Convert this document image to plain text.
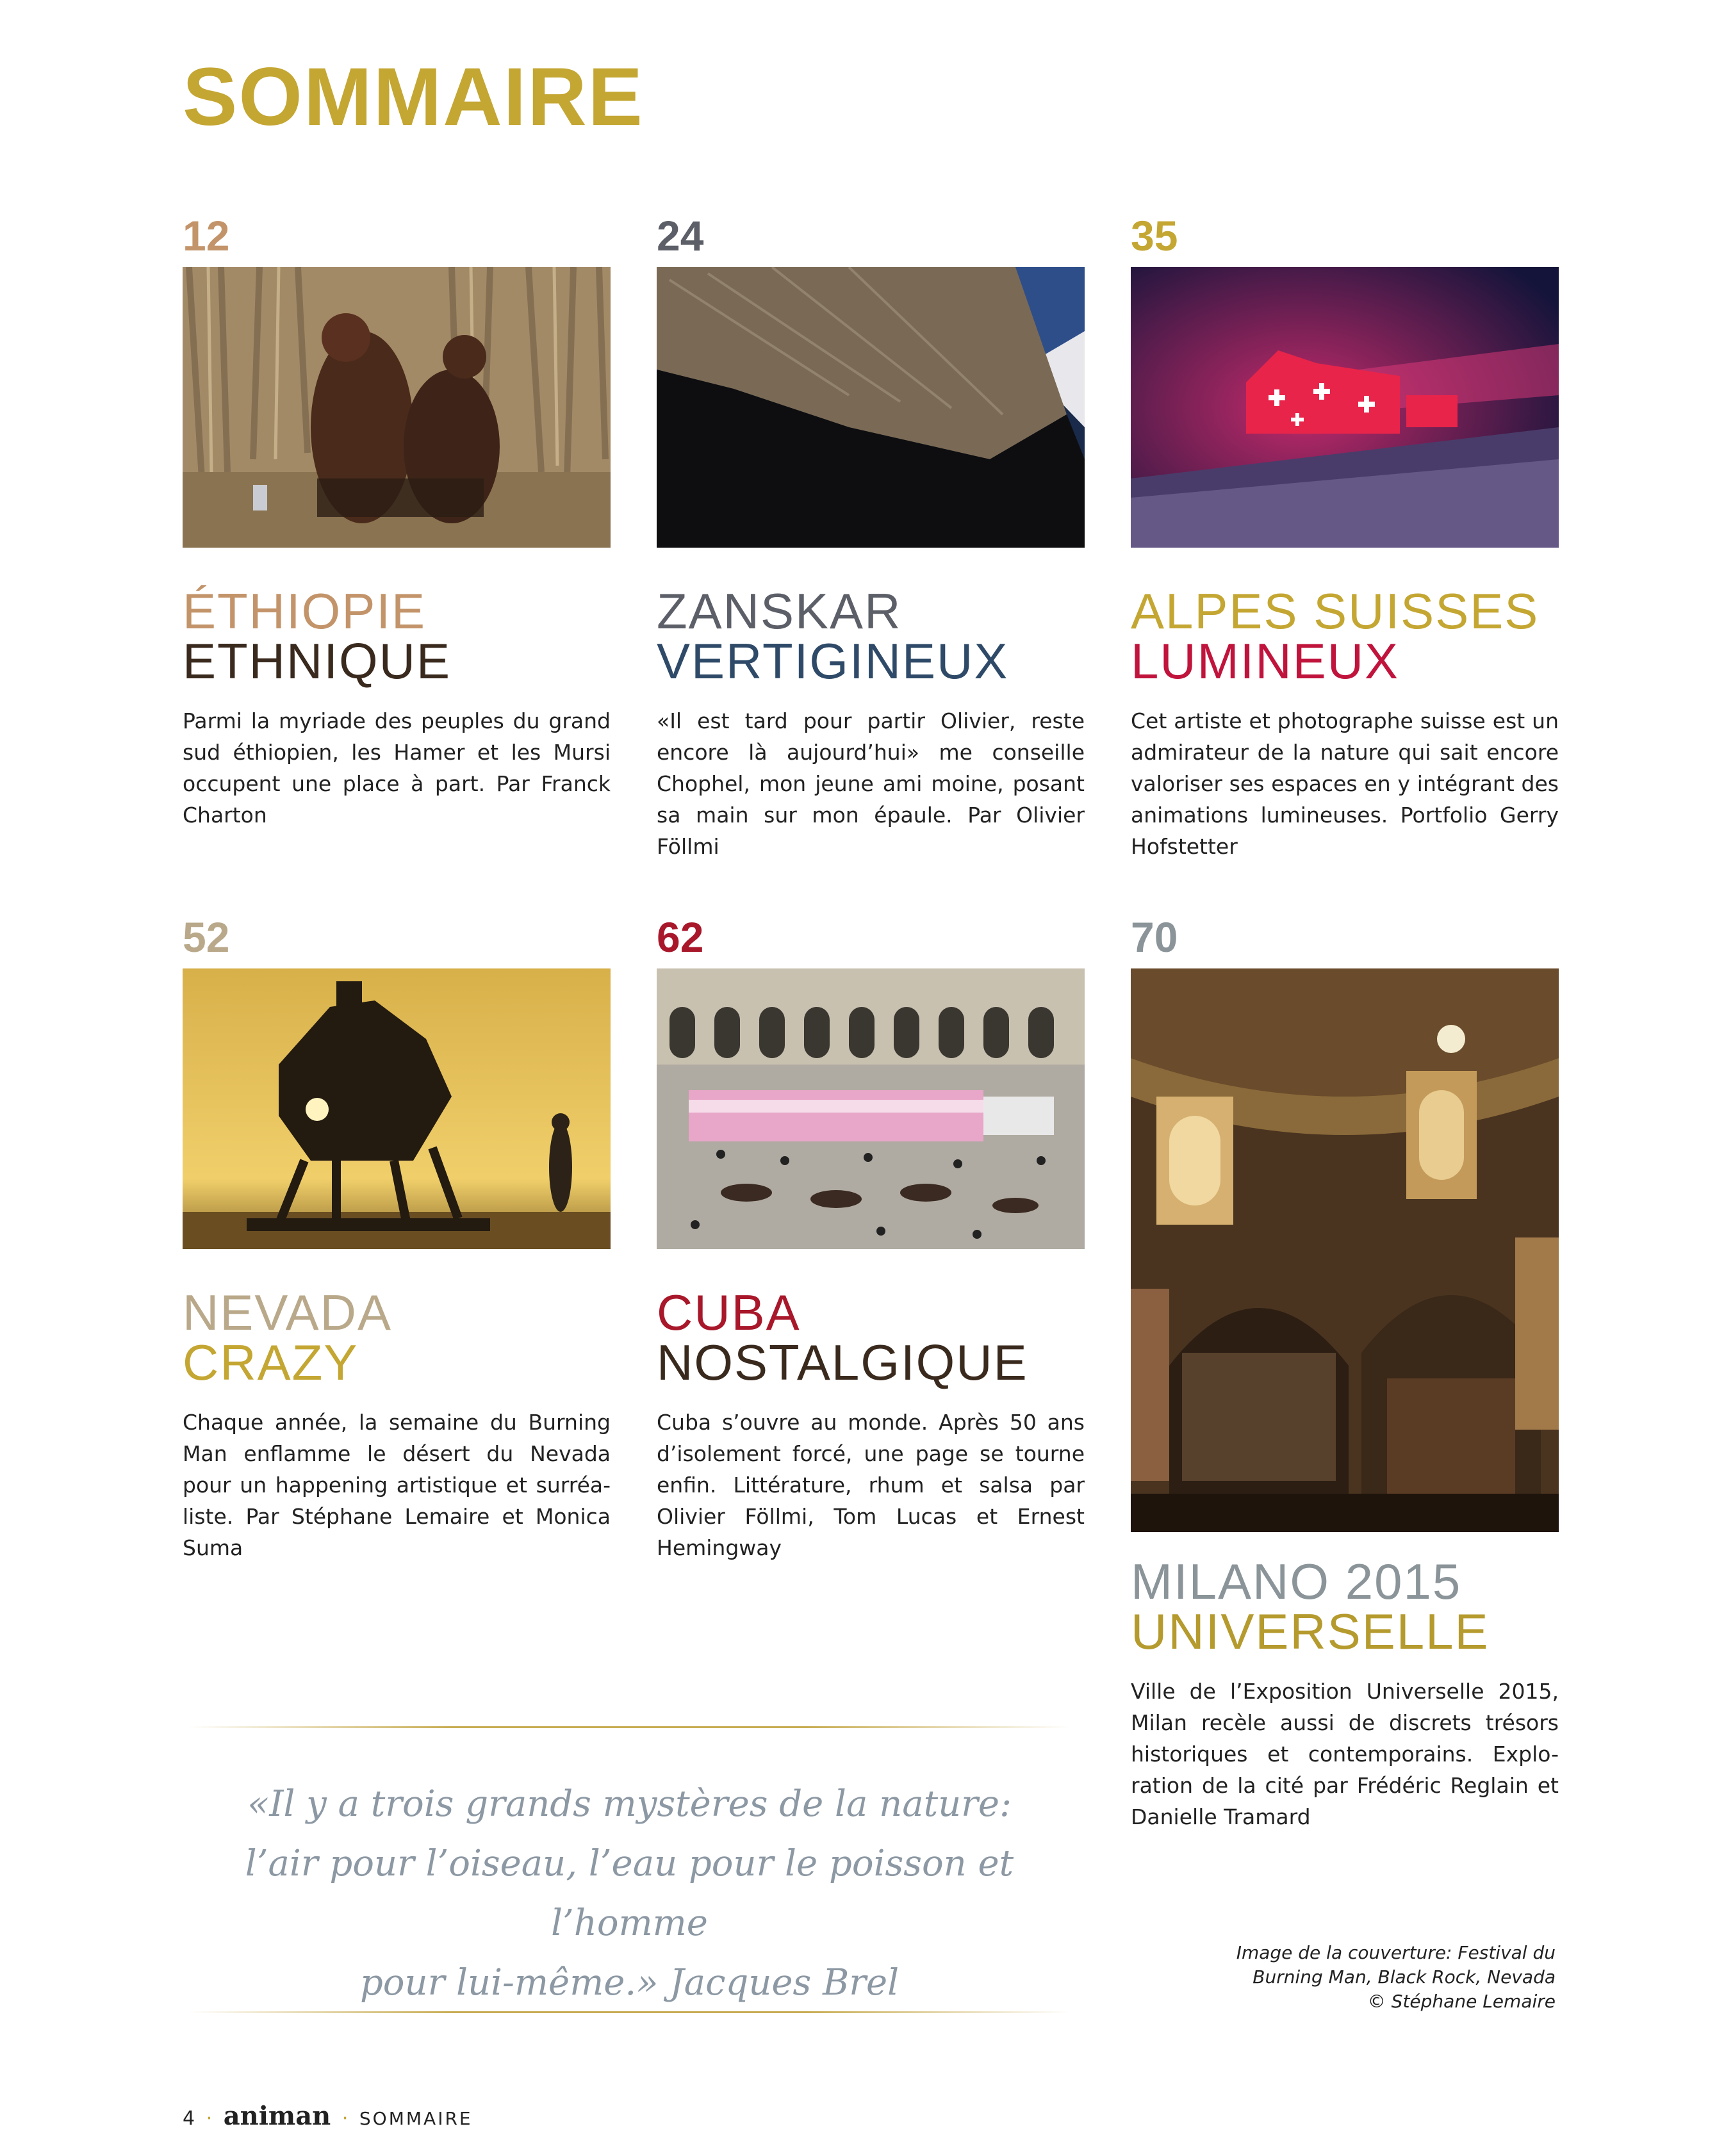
SOMMAIRE
12
ÉTHIOPIE
ETHNIQUE
Parmi la myriade des peuples du grand sud éthiopien, les Hamer et les Mursi occupent une place à part. Par Franck Charton
24
ZANSKAR
VERTIGINEUX
«Il est tard pour partir Olivier, reste encore là aujourd’hui» me conseille Chophel, mon jeune ami moine, posant sa main sur mon épaule. Par Olivier Föllmi
35
ALPES SUISSES
LUMINEUX
Cet artiste et photographe suisse est un admirateur de la nature qui sait encore valoriser ses espaces en y intégrant des animations lumineuses. Portfolio Gerry Hofstetter
52
NEVADA
CRAZY
Chaque année, la semaine du Burning Man enflamme le désert du Nevada pour un happening artistique et surréa-liste. Par Stéphane Lemaire et Monica Suma
62
CUBA
NOSTALGIQUE
Cuba s’ouvre au monde. Après 50 ans d’isolement forcé, une page se tourne enfin. Littérature, rhum et salsa par Olivier Föllmi, Tom Lucas et Ernest Hemingway
70
MILANO 2015
UNIVERSELLE
Ville de l’Exposition Universelle 2015, Milan recèle aussi de discrets trésors historiques et contemporains. Explo-ration de la cité par Frédéric Reglain et Danielle Tramard
«Il y a trois grands mystères de la nature:
l’air pour l’oiseau, l’eau pour le poisson et l’homme
pour lui-même.» Jacques Brel
Image de la couverture: Festival du
Burning Man, Black Rock, Nevada
© Stéphane Lemaire
4 · animan · SOMMAIRE
